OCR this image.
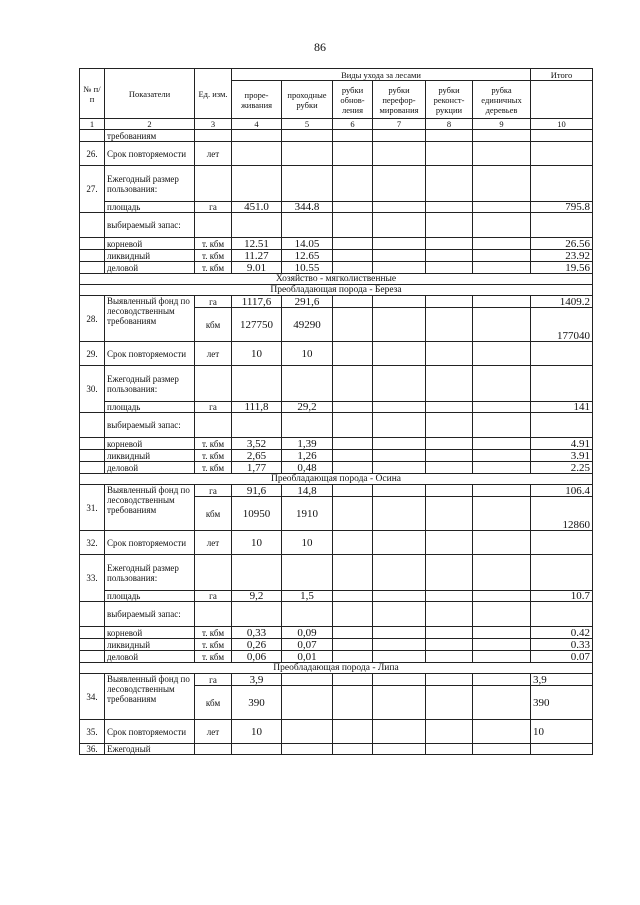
86
№ п/п	Показатели	Ед. изм.	Виды ухода за лесами						Итого
			прорe-живания	проходные рубки	рубки обнов-ления	рубки перефор-мирования	рубки реконст-рукции	рубка единичных деревьев	
1	2	3	4	5	6	7	8	9	10
	требованиям								
26.	Срок повторяемости	лет							
27.	Ежегодный размер пользования:								
	площадь	га	451.0	344.8					795.8
	выбираемый запас:								
	корневой	т. кбм	12.51	14.05					26.56
	ликвидный	т. кбм	11.27	12.65					23.92
	деловой	т. кбм	9.01	10.55					19.56
Хозяйство - мягколиственные									
Преобладающая порода - Береза									
28.	Выявленный фонд по лесоводственным требованиям	га	1117,6	291,6					1409.2
		кбм	127750	49290					177040
29.	Срок повторяемости	лет	10	10					
30.	Ежегодный размер пользования:								
	площадь	га	111,8	29,2					141
	выбираемый запас:								
	корневой	т. кбм	3,52	1,39					4.91
	ликвидный	т. кбм	2,65	1,26					3.91
	деловой	т. кбм	1,77	0,48					2.25
Преобладающая порода - Осина									
31.	Выявленный фонд по лесоводственным требованиям	га	91,6	14,8					106.4
		кбм	10950	1910					12860
32.	Срок повторяемости	лет	10	10					
33.	Ежегодный размер пользования:								
	площадь	га	9,2	1,5					10.7
	выбираемый запас:								
	корневой	т. кбм	0,33	0,09					0.42
	ликвидный	т. кбм	0,26	0,07					0.33
	деловой	т. кбм	0,06	0,01					0.07
Преобладающая порода - Липа									
34.	Выявленный фонд по лесоводственным требованиям	га	3,9						3,9
		кбм	390						390
35.	Срок повторяемости	лет	10						10
36.	Ежегодный								
